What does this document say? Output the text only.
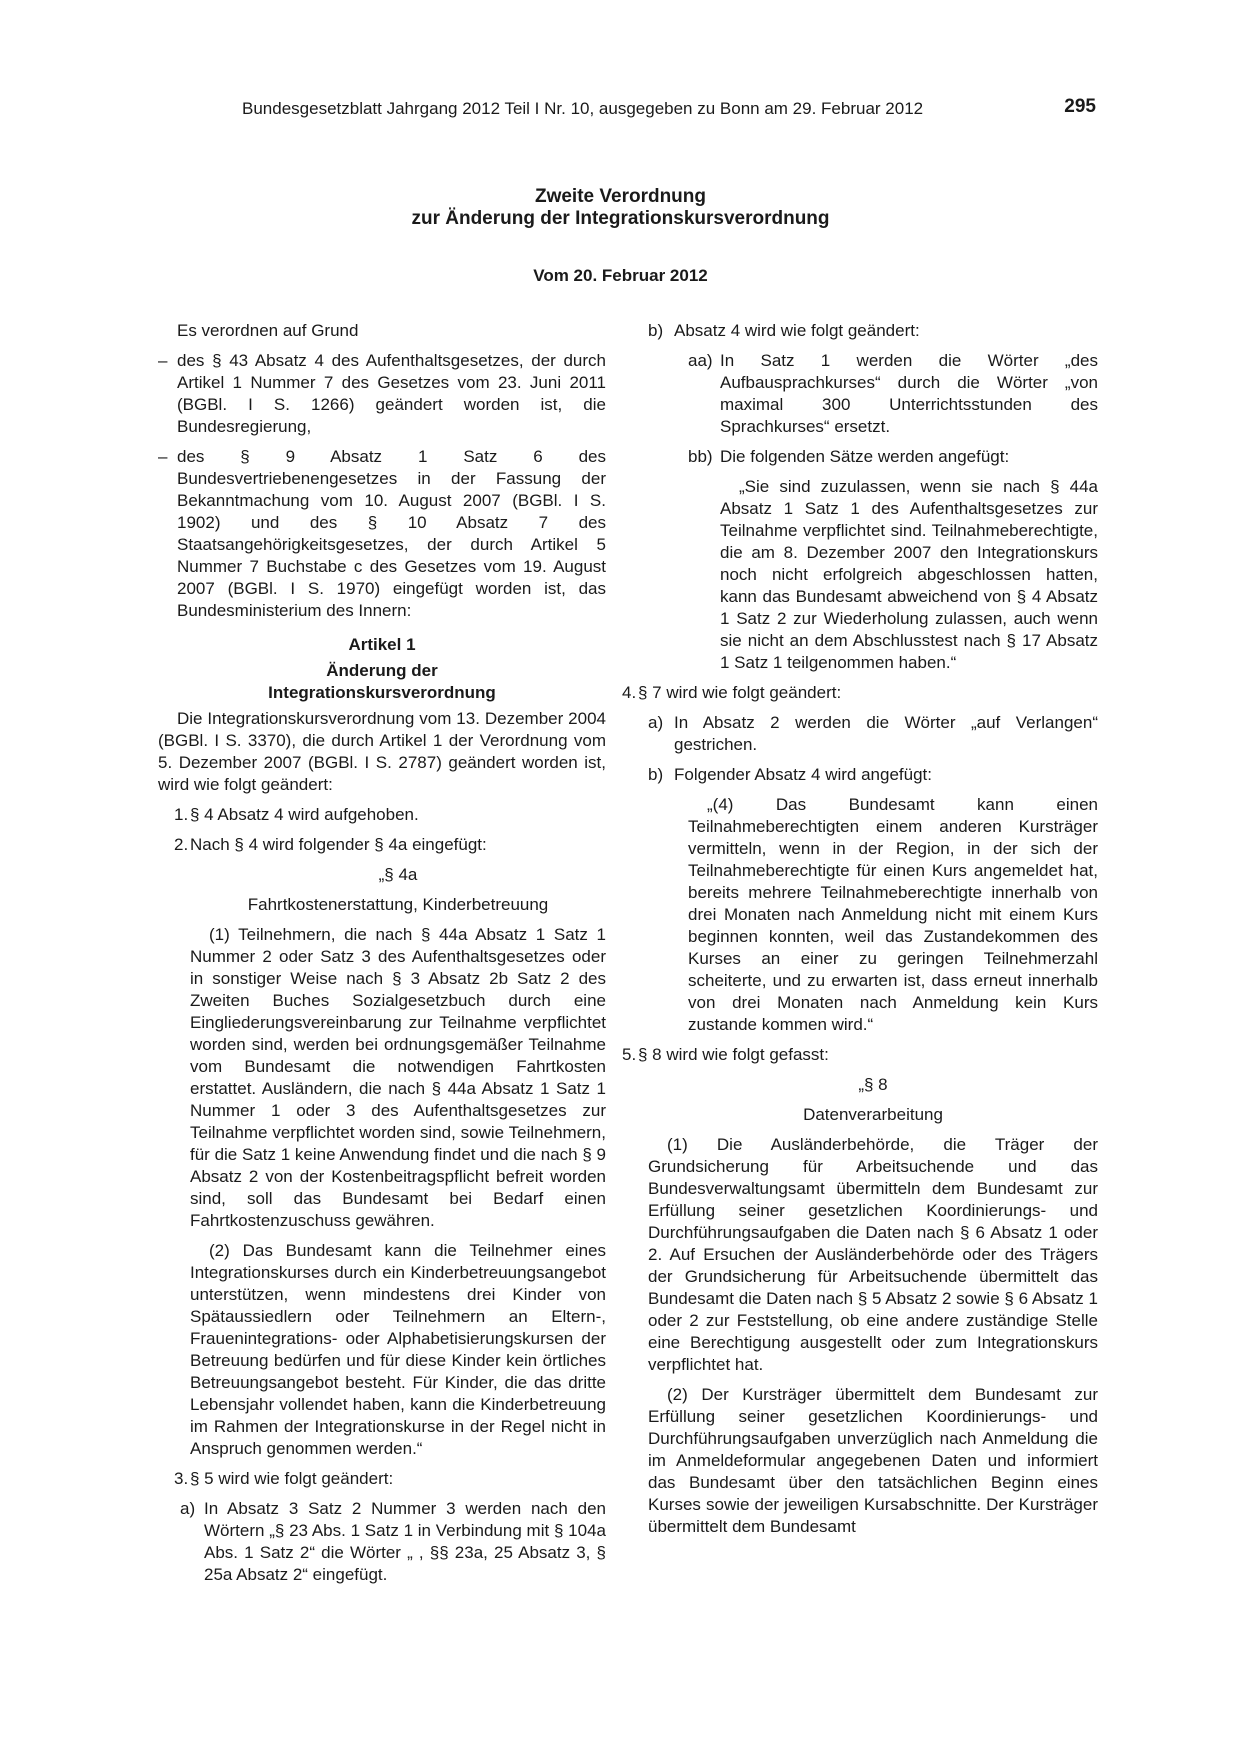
Bundesgesetzblatt Jahrgang 2012 Teil I Nr. 10, ausgegeben zu Bonn am 29. Februar 2012	295
Zweite Verordnung
zur Änderung der Integrationskursverordnung
Vom 20. Februar 2012

Es verordnen auf Grund

– des § 43 Absatz 4 des Aufenthaltsgesetzes, der durch Artikel 1 Nummer 7 des Gesetzes vom 23. Juni 2011 (BGBl. I S. 1266) geändert worden ist, die Bundesregierung,
– des § 9 Absatz 1 Satz 6 des Bundesvertriebenengesetzes in der Fassung der Bekanntmachung vom 10. August 2007 (BGBl. I S. 1902) und des § 10 Absatz 7 des Staatsangehörigkeitsgesetzes, der durch Artikel 5 Nummer 7 Buchstabe c des Gesetzes vom 19. August 2007 (BGBl. I S. 1970) eingefügt worden ist, das Bundesministerium des Innern:
Artikel 1
Änderung der
Integrationskursverordnung

Die Integrationskursverordnung vom 13. Dezember 2004 (BGBl. I S. 3370), die durch Artikel 1 der Verordnung vom 5. Dezember 2007 (BGBl. I S. 2787) geändert worden ist, wird wie folgt geändert:

1. § 4 Absatz 4 wird aufgehoben.
2. Nach § 4 wird folgender § 4a eingefügt:
„§ 4a
Fahrtkostenerstattung, Kinderbetreuung

(1) Teilnehmern, die nach § 44a Absatz 1 Satz 1 Nummer 2 oder Satz 3 des Aufenthaltsgesetzes oder in sonstiger Weise nach § 3 Absatz 2b Satz 2 des Zweiten Buches Sozialgesetzbuch durch eine Eingliederungsvereinbarung zur Teilnahme verpflichtet worden sind, werden bei ordnungsgemäßer Teilnahme vom Bundesamt die notwendigen Fahrtkosten erstattet. Ausländern, die nach § 44a Absatz 1 Satz 1 Nummer 1 oder 3 des Aufenthaltsgesetzes zur Teilnahme verpflichtet worden sind, sowie Teilnehmern, für die Satz 1 keine Anwendung findet und die nach § 9 Absatz 2 von der Kostenbeitragspflicht befreit worden sind, soll das Bundesamt bei Bedarf einen Fahrtkostenzuschuss gewähren.

(2) Das Bundesamt kann die Teilnehmer eines Integrationskurses durch ein Kinderbetreuungsangebot unterstützen, wenn mindestens drei Kinder von Spätaussiedlern oder Teilnehmern an Eltern-, Frauenintegrations- oder Alphabetisierungskursen der Betreuung bedürfen und für diese Kinder kein örtliches Betreuungsangebot besteht. Für Kinder, die das dritte Lebensjahr vollendet haben, kann die Kinderbetreuung im Rahmen der Integrationskurse in der Regel nicht in Anspruch genommen werden.“

3. § 5 wird wie folgt geändert:
a) In Absatz 3 Satz 2 Nummer 3 werden nach den Wörtern „§ 23 Abs. 1 Satz 1 in Verbindung mit § 104a Abs. 1 Satz 2“ die Wörter „ , §§ 23a, 25 Absatz 3, § 25a Absatz 2“ eingefügt.
b) Absatz 4 wird wie folgt geändert:
aa) In Satz 1 werden die Wörter „des Aufbausprachkurses“ durch die Wörter „von maximal 300 Unterrichtsstunden des Sprachkurses“ ersetzt.
bb) Die folgenden Sätze werden angefügt:

„Sie sind zuzulassen, wenn sie nach § 44a Absatz 1 Satz 1 des Aufenthaltsgesetzes zur Teilnahme verpflichtet sind. Teilnahmeberechtigte, die am 8. Dezember 2007 den Integrationskurs noch nicht erfolgreich abgeschlossen hatten, kann das Bundesamt abweichend von § 4 Absatz 1 Satz 2 zur Wiederholung zulassen, auch wenn sie nicht an dem Abschlusstest nach § 17 Absatz 1 Satz 1 teilgenommen haben.“

4. § 7 wird wie folgt geändert:
a) In Absatz 2 werden die Wörter „auf Verlangen“ gestrichen.
b) Folgender Absatz 4 wird angefügt:

„(4) Das Bundesamt kann einen Teilnahmeberechtigten einem anderen Kursträger vermitteln, wenn in der Region, in der sich der Teilnahmeberechtigte für einen Kurs angemeldet hat, bereits mehrere Teilnahmeberechtigte innerhalb von drei Monaten nach Anmeldung nicht mit einem Kurs beginnen konnten, weil das Zustandekommen des Kurses an einer zu geringen Teilnehmerzahl scheiterte, und zu erwarten ist, dass erneut innerhalb von drei Monaten nach Anmeldung kein Kurs zustande kommen wird.“

5. § 8 wird wie folgt gefasst:
„§ 8
Datenverarbeitung

(1) Die Ausländerbehörde, die Träger der Grundsicherung für Arbeitsuchende und das Bundesverwaltungsamt übermitteln dem Bundesamt zur Erfüllung seiner gesetzlichen Koordinierungs- und Durchführungsaufgaben die Daten nach § 6 Absatz 1 oder 2. Auf Ersuchen der Ausländerbehörde oder des Trägers der Grundsicherung für Arbeitsuchende übermittelt das Bundesamt die Daten nach § 5 Absatz 2 sowie § 6 Absatz 1 oder 2 zur Feststellung, ob eine andere zuständige Stelle eine Berechtigung ausgestellt oder zum Integrationskurs verpflichtet hat.

(2) Der Kursträger übermittelt dem Bundesamt zur Erfüllung seiner gesetzlichen Koordinierungs- und Durchführungsaufgaben unverzüglich nach Anmeldung die im Anmeldeformular angegebenen Daten und informiert das Bundesamt über den tatsächlichen Beginn eines Kurses sowie der jeweiligen Kursabschnitte. Der Kursträger übermittelt dem Bundesamt
